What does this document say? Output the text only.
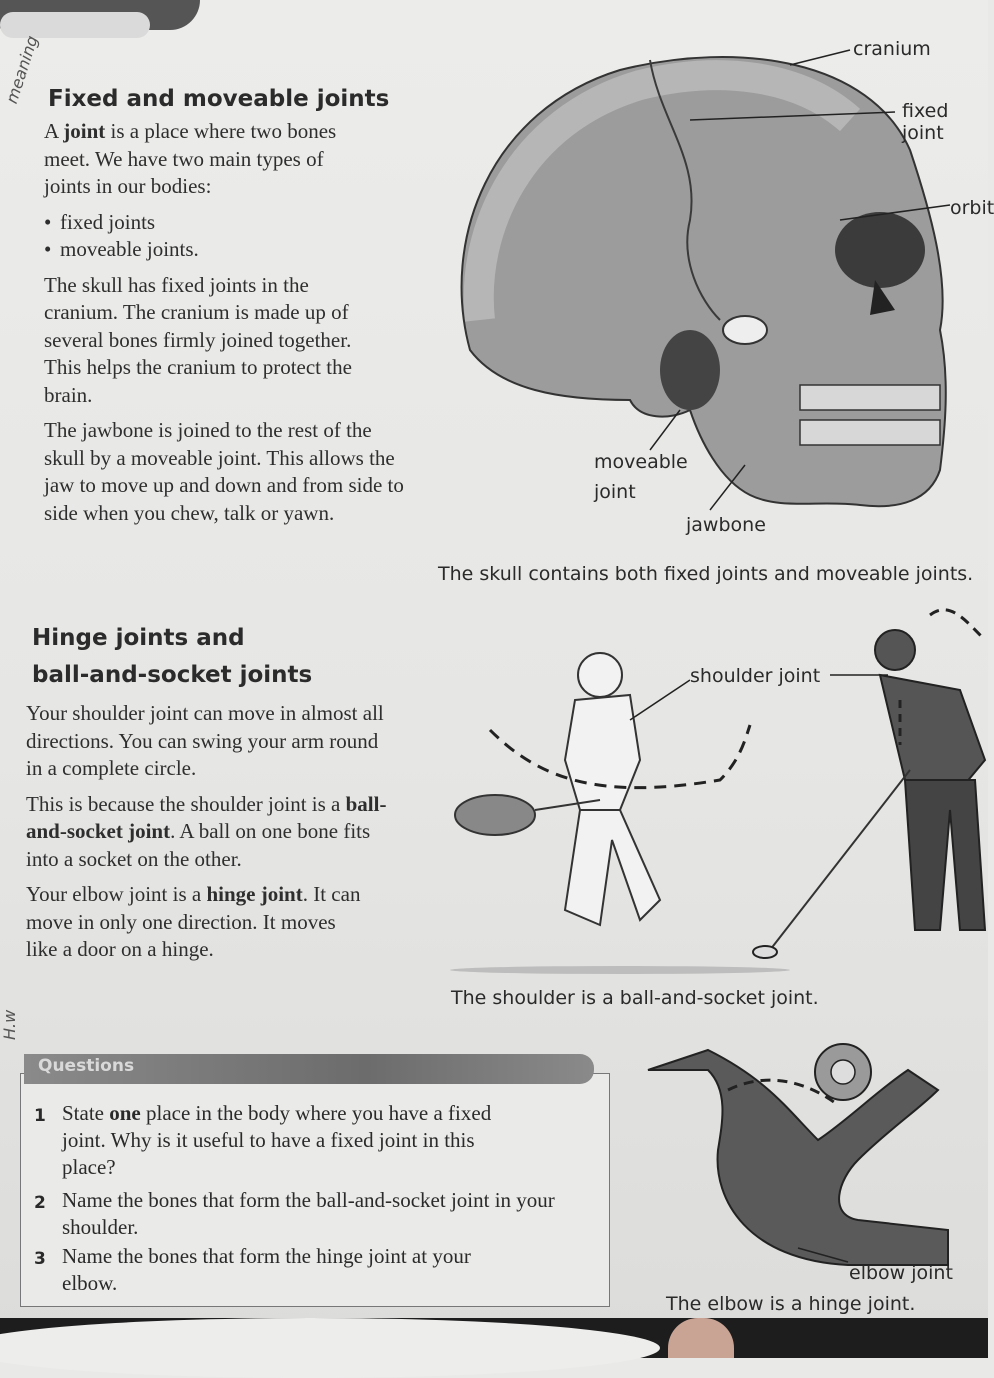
meaning
H.w
Fixed and moveable joints

A joint is a place where two bones meet. We have two main types of joints in our bodies:

• fixed joints
• moveable joints.

The skull has fixed joints in the cranium. The cranium is made up of several bones firmly joined together. This helps the cranium to protect the brain.

The jawbone is joined to the rest of the skull by a moveable joint. This allows the jaw to move up and down and from side to side when you chew, talk or yawn.

cranium
fixed joint
orbit
moveable
joint
jawbone
The skull contains both fixed joints and moveable joints.
Hinge joints and
ball-and-socket joints

Your shoulder joint can move in almost all directions. You can swing your arm round in a complete circle.

This is because the shoulder joint is a ball-and-socket joint. A ball on one bone fits into a socket on the other.

Your elbow joint is a hinge joint. It can move in only one direction. It moves like a door on a hinge.

shoulder joint
The shoulder is a ball-and-socket joint.
elbow joint
The elbow is a hinge joint.
Questions
1 State one place in the body where you have a fixed joint. Why is it useful to have a fixed joint in this place?
2 Name the bones that form the ball-and-socket joint in your shoulder.
3 Name the bones that form the hinge joint at your elbow.
